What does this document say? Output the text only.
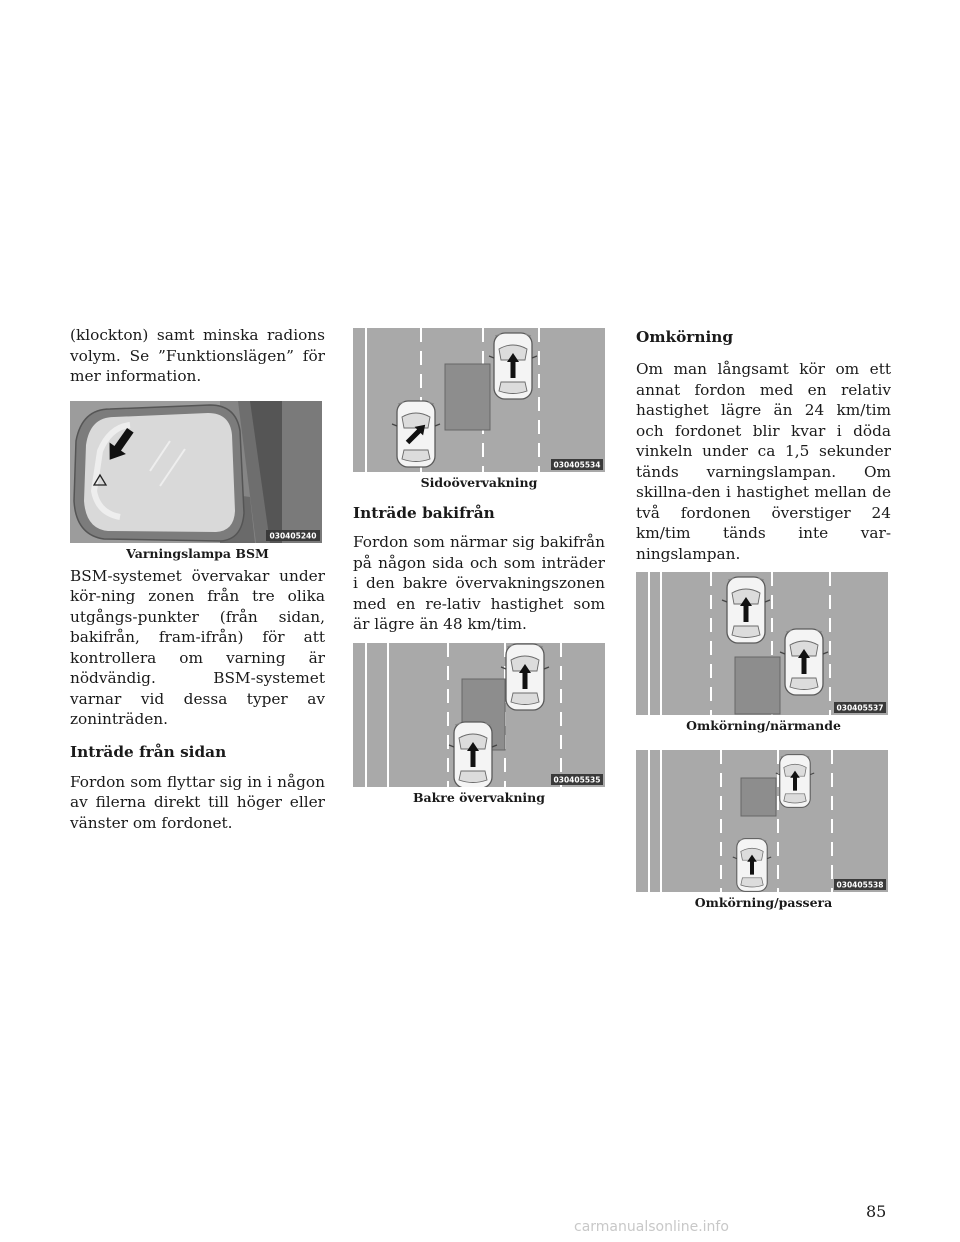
(klockton) samt minska radions volym. Se ”Funktionslägen” för mer information.

030405240
Varningslampa BSM

BSM-systemet övervakar under kör-ning zonen från tre olika utgångs-punkter (från sidan, bakifrån, fram-ifrån) för att kontrollera om varning är nödvändig. BSM-systemet varnar vid dessa typer av zoninträden.

Inträde från sidan

Fordon som flyttar sig in i någon av filerna direkt till höger eller vänster om fordonet.

030405534
Sidoövervakning
Inträde bakifrån

Fordon som närmar sig bakifrån på någon sida och som inträder i den bakre övervakningszonen med en re-lativ hastighet som är lägre än 48 km/tim.

030405535
Bakre övervakning
Omkörning

Om man långsamt kör om ett annat fordon med en relativ hastighet lägre än 24 km/tim och fordonet blir kvar i döda vinkeln under ca 1,5 sekunder tänds varningslampan. Om skillna-den i hastighet mellan de två fordonen överstiger 24 km/tim tänds inte var-ningslampan.

030405537
Omkörning/närmande
030405538
Omkörning/passera
85
carmanualsonline.info
